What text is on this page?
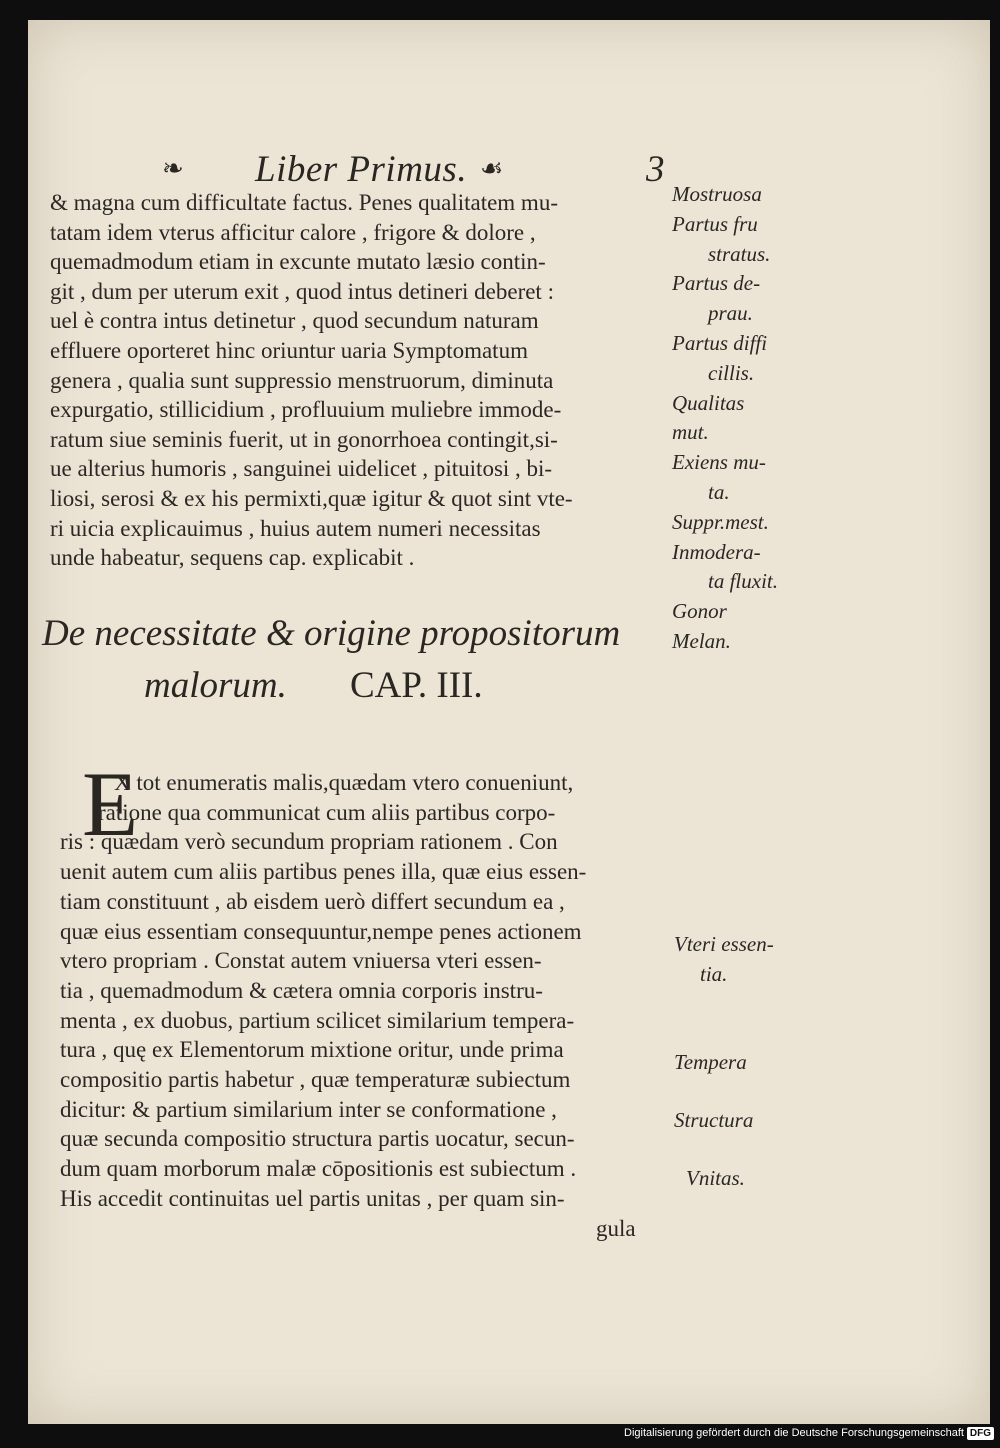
❧ Liber Primus. ☙	3
& magna cum difficultate factus. Penes qualitatem mu-
tatam idem vterus afficitur calore , frigore & dolore ,
quemadmodum etiam in excunte mutato læsio contin-
git , dum per uterum exit , quod intus detineri deberet :
uel è contra intus detinetur , quod secundum naturam
effluere oporteret hinc oriuntur uaria Symptomatum
genera , qualia sunt suppressio menstruorum, diminuta
expurgatio, stillicidium , profluuium muliebre immode-
ratum siue seminis fuerit, ut in gonorrhoea contingit,si-
ue alterius humoris , sanguinei uidelicet , pituitosi , bi-
liosi, serosi & ex his permixti,quæ igitur & quot sint vte-
ri uicia explicauimus , huius autem numeri necessitas
unde habeatur, sequens cap. explicabit .
Mostruosa
Partus fru
stratus.
Partus de-
prau.
Partus diffi
cillis.
Qualitas
mut.
Exiens mu-
ta.
Suppr.mest.
Inmodera-
ta fluxit.
Gonor
Melan.
De necessitate & origine propositorum
malorum. CAP. III.
E
X tot enumeratis malis,quædam vtero conueniunt,
ratione qua communicat cum aliis partibus corpo-
ris : quædam verò secundum propriam rationem . Con
uenit autem cum aliis partibus penes illa, quæ eius essen-
tiam constituunt , ab eisdem uerò differt secundum ea ,
quæ eius essentiam consequuntur,nempe penes actionem
vtero propriam . Constat autem vniuersa vteri essen-
tia , quemadmodum & cætera omnia corporis instru-
menta , ex duobus, partium scilicet similarium tempera-
tura , quę ex Elementorum mixtione oritur, unde prima
compositio partis habetur , quæ temperaturæ subiectum
dicitur: & partium similarium inter se conformatione ,
quæ secunda compositio structura partis uocatur, secun-
dum quam morborum malæ cōpositionis est subiectum .
His accedit continuitas uel partis unitas , per quam sin-
gula
Vteri essen-
tia.
Tempera
Structura
Vnitas.
Digitalisierung gefördert durch die Deutsche Forschungsgemeinschaft DFG
